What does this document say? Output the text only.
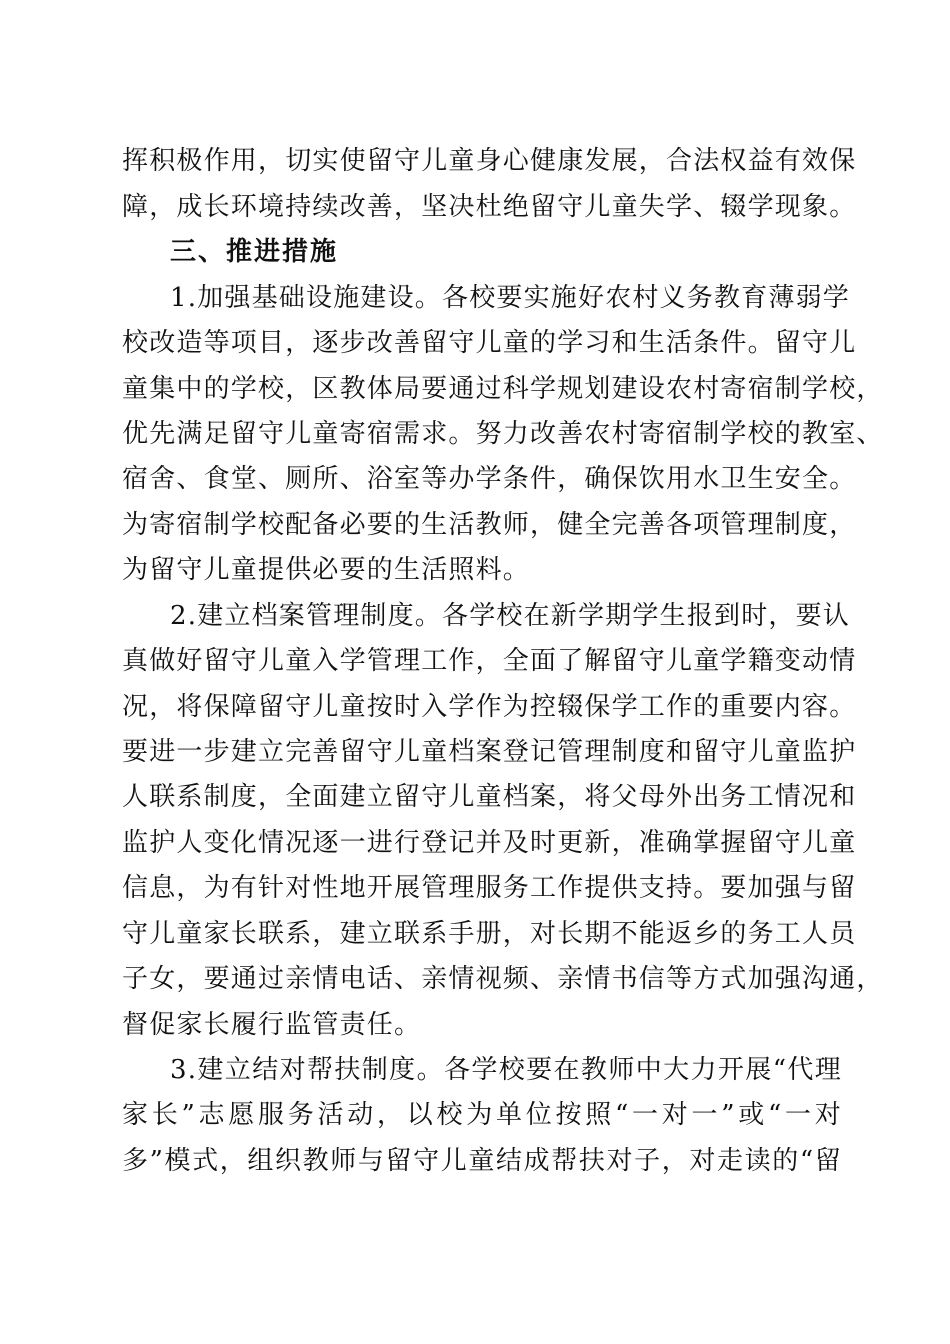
挥积极作用，切实使留守儿童身心健康发展，合法权益有效保
障，成长环境持续改善，坚决杜绝留守儿童失学、辍学现象。
三、推进措施
1.加强基础设施建设。各校要实施好农村义务教育薄弱学
校改造等项目，逐步改善留守儿童的学习和生活条件。留守儿
童集中的学校，区教体局要通过科学规划建设农村寄宿制学校，
优先满足留守儿童寄宿需求。努力改善农村寄宿制学校的教室、
宿舍、食堂、厕所、浴室等办学条件，确保饮用水卫生安全。
为寄宿制学校配备必要的生活教师，健全完善各项管理制度，
为留守儿童提供必要的生活照料。
2.建立档案管理制度。各学校在新学期学生报到时，要认
真做好留守儿童入学管理工作，全面了解留守儿童学籍变动情
况，将保障留守儿童按时入学作为控辍保学工作的重要内容。
要进一步建立完善留守儿童档案登记管理制度和留守儿童监护
人联系制度，全面建立留守儿童档案，将父母外出务工情况和
监护人变化情况逐一进行登记并及时更新，准确掌握留守儿童
信息，为有针对性地开展管理服务工作提供支持。要加强与留
守儿童家长联系，建立联系手册，对长期不能返乡的务工人员
子女，要通过亲情电话、亲情视频、亲情书信等方式加强沟通，
督促家长履行监管责任。
3.建立结对帮扶制度。各学校要在教师中大力开展“代理
家长”志愿服务活动，以校为单位按照“一对一”或“一对
多”模式，组织教师与留守儿童结成帮扶对子，对走读的“留
